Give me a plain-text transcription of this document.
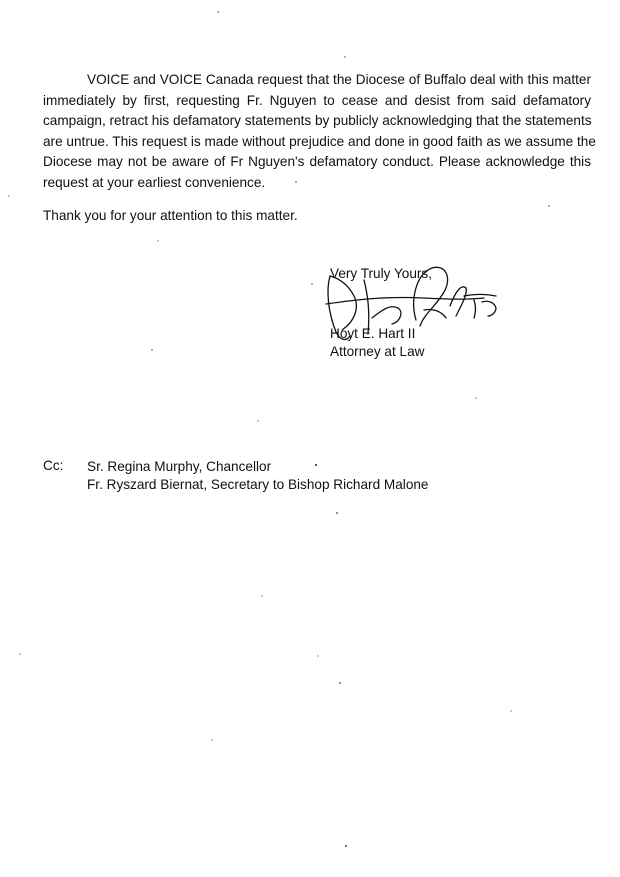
VOICE and VOICE Canada request that the Diocese of Buffalo deal with this matter
immediately by first, requesting Fr. Nguyen to cease and desist from said defamatory
campaign, retract his defamatory statements by publicly acknowledging that the statements
are untrue. This request is made without prejudice and done in good faith as we assume the
Diocese may not be aware of Fr Nguyen's defamatory conduct. Please acknowledge this
request at your earliest convenience.
Thank you for your attention to this matter.
Very Truly Yours,
Hoyt E. Hart II
Attorney at Law
Cc: Sr. Regina Murphy, Chancellor
Fr. Ryszard Biernat, Secretary to Bishop Richard Malone
